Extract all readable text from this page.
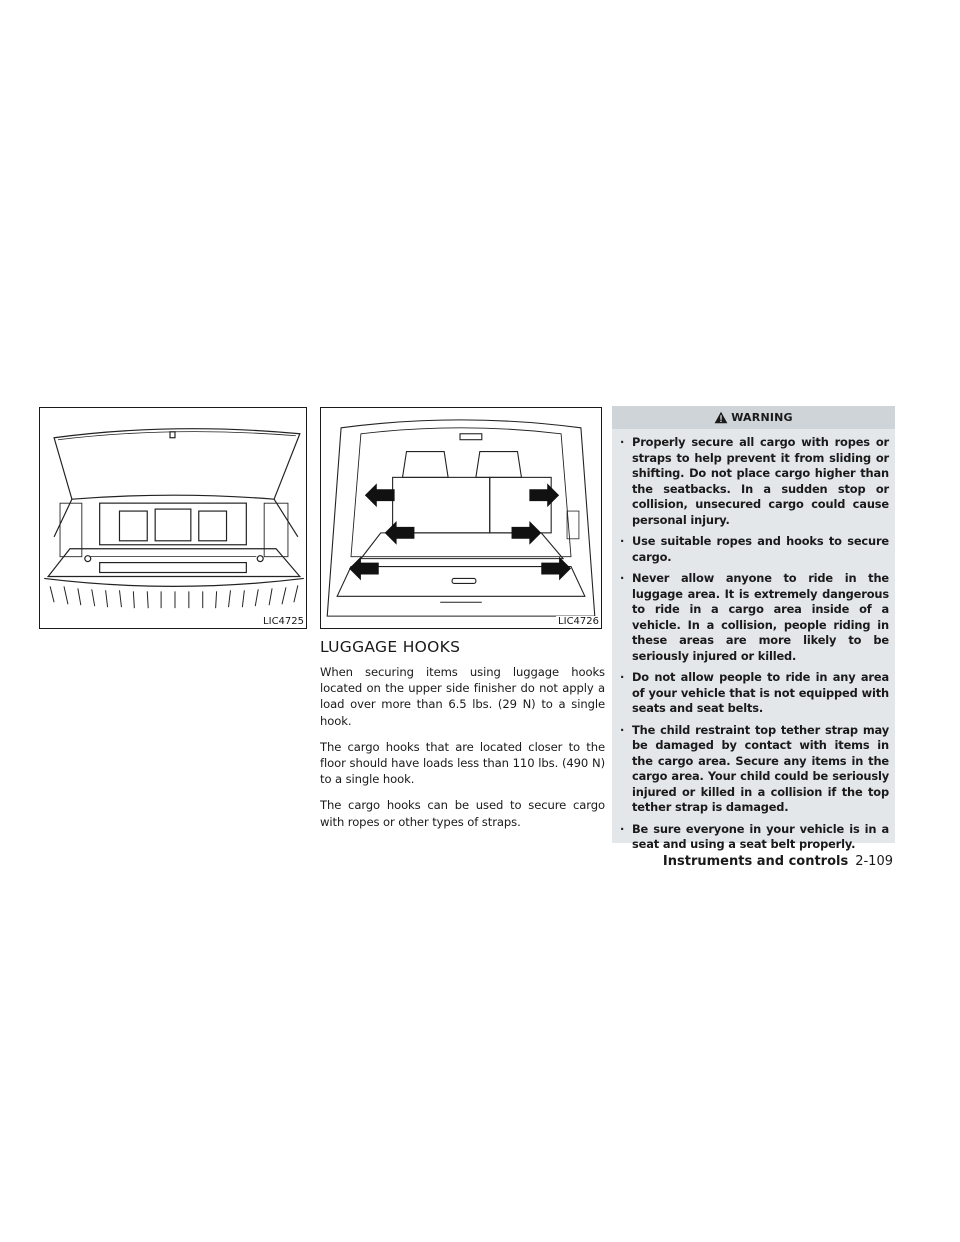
LIC4725	LIC4726
LUGGAGE HOOKS

When securing items using luggage hooks located on the upper side finisher do not apply a load over more than 6.5 lbs. (29 N) to a single hook.

The cargo hooks that are located closer to the floor should have loads less than 110 lbs. (490 N) to a single hook.

The cargo hooks can be used to secure cargo with ropes or other types of straps.

WARNING
· Properly secure all cargo with ropes or straps to help prevent it from sliding or shifting. Do not place cargo higher than the seatbacks. In a sudden stop or collision, unsecured cargo could cause personal injury.
· Use suitable ropes and hooks to secure cargo.
· Never allow anyone to ride in the luggage area. It is extremely dangerous to ride in a cargo area inside of a vehicle. In a collision, people riding in these areas are more likely to be seriously injured or killed.
· Do not allow people to ride in any area of your vehicle that is not equipped with seats and seat belts.
· The child restraint top tether strap may be damaged by contact with items in the cargo area. Secure any items in the cargo area. Your child could be seriously injured or killed in a collision if the top tether strap is damaged.
· Be sure everyone in your vehicle is in a seat and using a seat belt properly.
Instruments and controls 2-109
